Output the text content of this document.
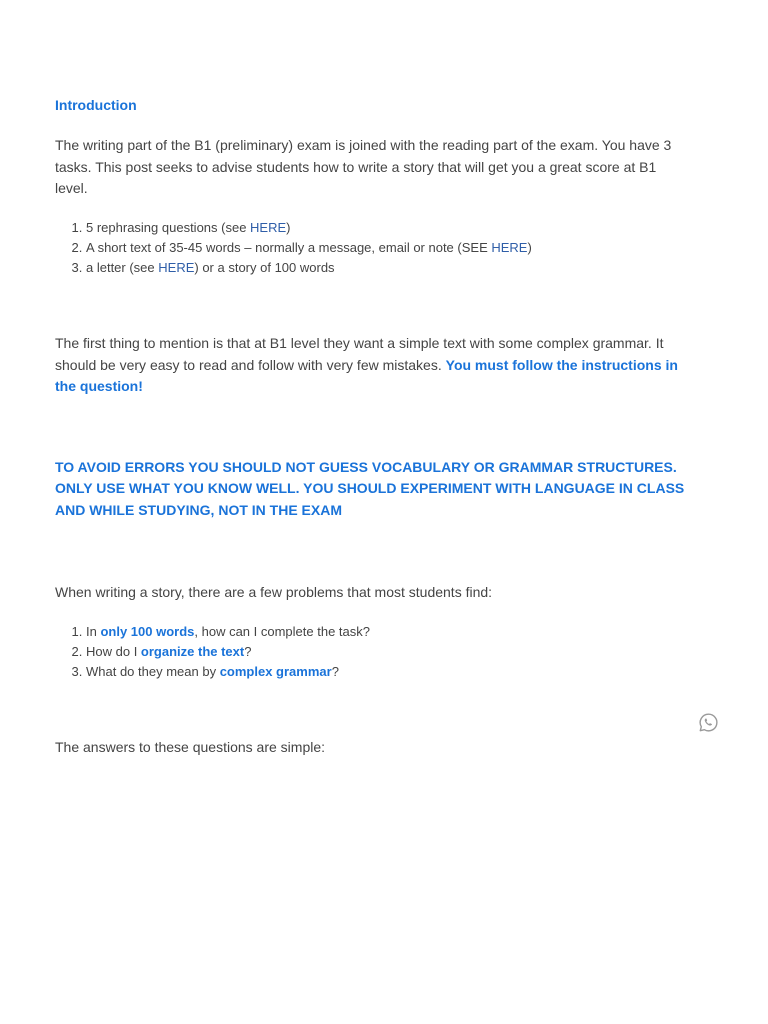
Introduction

The writing part of the B1 (preliminary) exam is joined with the reading part of the exam. You have 3 tasks. This post seeks to advise students how to write a story that will get you a great score at B1 level.

1. 5 rephrasing questions (see HERE)
2. A short text of 35-45 words – normally a message, email or note (SEE HERE)
3. a letter (see HERE) or a story of 100 words

The first thing to mention is that at B1 level they want a simple text with some complex grammar. It should be very easy to read and follow with very few mistakes. You must follow the instructions in the question!

TO AVOID ERRORS YOU SHOULD NOT GUESS VOCABULARY OR GRAMMAR STRUCTURES. ONLY USE WHAT YOU KNOW WELL. YOU SHOULD EXPERIMENT WITH LANGUAGE IN CLASS AND WHILE STUDYING, NOT IN THE EXAM

When writing a story, there are a few problems that most students find:

1. In only 100 words, how can I complete the task?
2. How do I organize the text?
3. What do they mean by complex grammar?

The answers to these questions are simple:
